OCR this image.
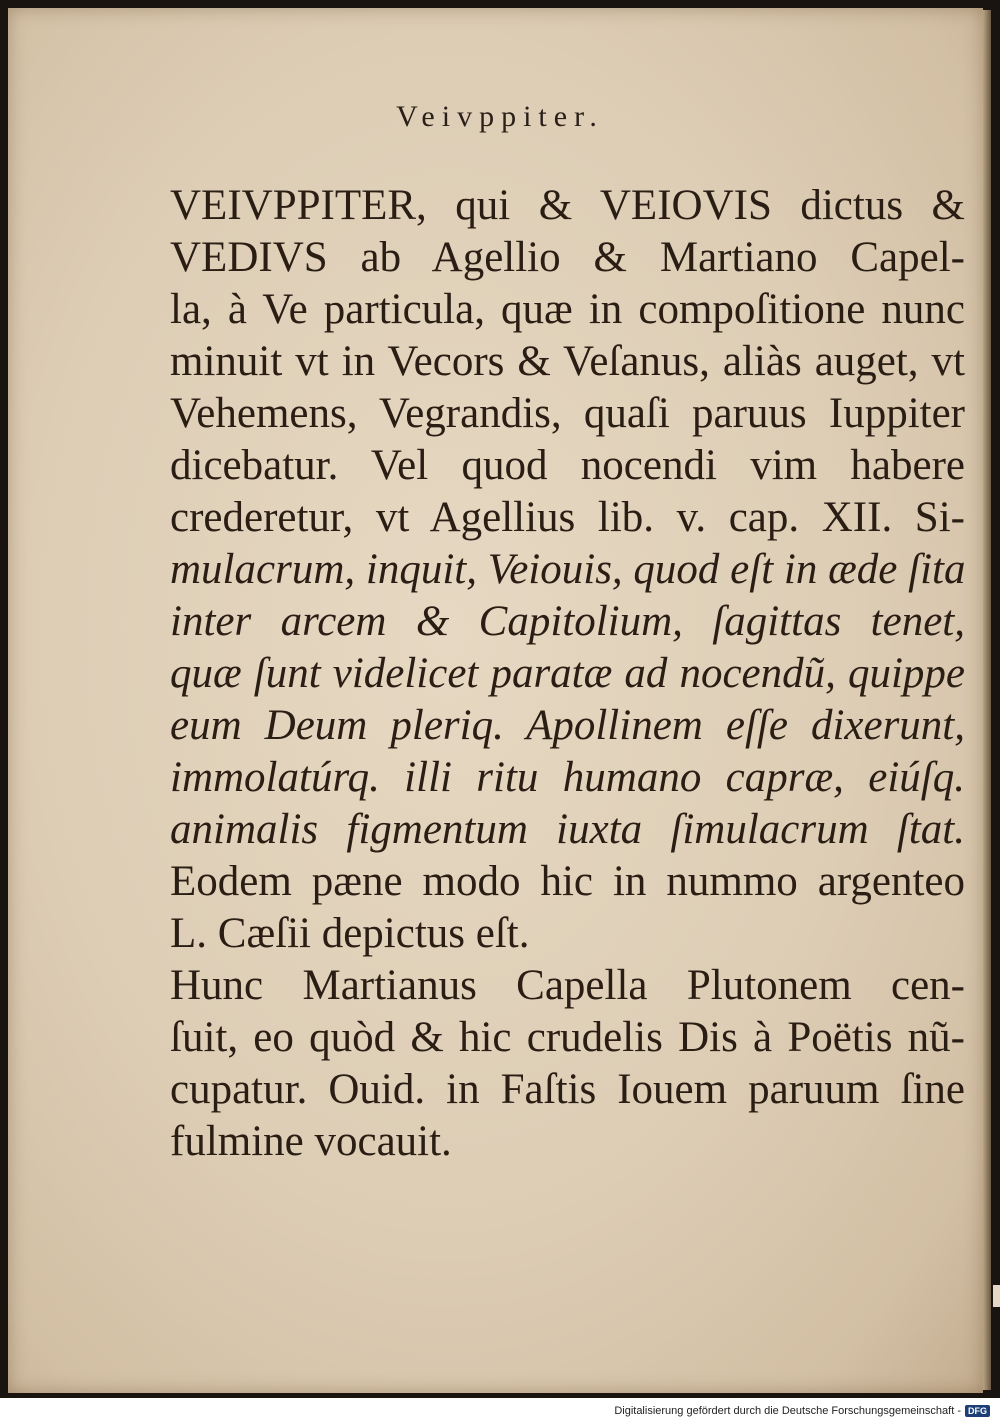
Veivppiter.
VEIVPPITER, qui & VEIOVIS dictus &
VEDIVS ab Agellio & Martiano Capel-
la, à Ve particula, quæ in compoſitione nunc
minuit vt in Vecors & Veſanus, aliàs auget, vt
Vehemens, Vegrandis, quaſi paruus Iuppiter
dicebatur. Vel quod nocendi vim habere
crederetur, vt Agellius lib. v. cap. XII. Si-
mulacrum, inquit, Veiouis, quod eſt in æde ſita
inter arcem & Capitolium, ſagittas tenet,
quæ ſunt videlicet paratæ ad nocendũ, quippe
eum Deum pleriq. Apollinem eſſe dixerunt,
immolatúrq. illi ritu humano capræ, eiúſq.
animalis figmentum iuxta ſimulacrum ſtat.
Eodem pæne modo hic in nummo argenteo
L. Cæſii depictus eſt.
Hunc Martianus Capella Plutonem cen-
ſuit, eo quòd & hic crudelis Dis à Poëtis nũ-
cupatur. Ouid. in Faſtis Iouem paruum ſine
fulmine vocauit.
Digitalisierung gefördert durch die Deutsche Forschungsgemeinschaft - DFG
